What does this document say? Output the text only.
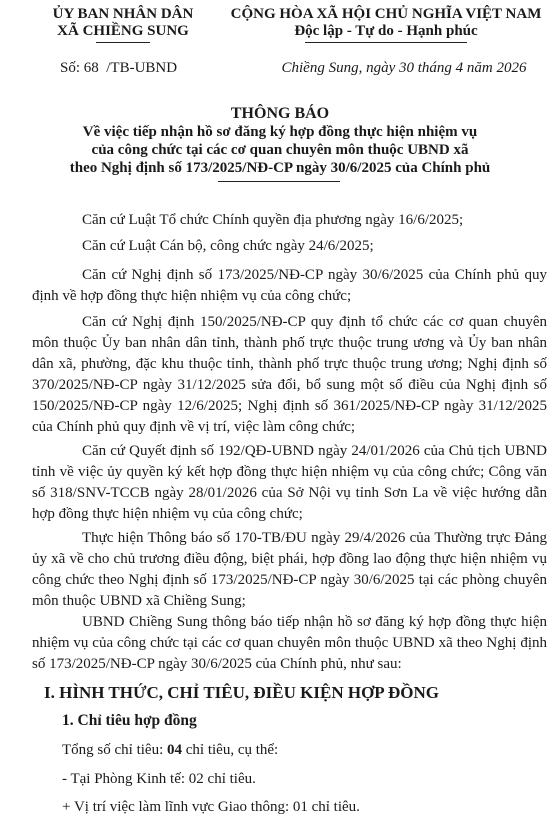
ỦY BAN NHÂN DÂN
XÃ CHIỀNG SUNG
CỘNG HÒA XÃ HỘI CHỦ NGHĨA VIỆT NAM
Độc lập - Tự do - Hạnh phúc
Số: 68  /TB-UBND	Chiềng Sung, ngày 30 tháng 4 năm 2026
THÔNG BÁO
Về việc tiếp nhận hồ sơ đăng ký hợp đồng thực hiện nhiệm vụ
của công chức tại các cơ quan chuyên môn thuộc UBND xã
theo Nghị định số 173/2025/NĐ-CP ngày 30/6/2025 của Chính phủ
Căn cứ Luật Tổ chức Chính quyền địa phương ngày 16/6/2025;
Căn cứ Luật Cán bộ, công chức ngày 24/6/2025;
Căn cứ Nghị định số 173/2025/NĐ-CP ngày 30/6/2025 của Chính phủ quy định về hợp đồng thực hiện nhiệm vụ của công chức;
Căn cứ Nghị định 150/2025/NĐ-CP quy định tổ chức các cơ quan chuyên môn thuộc Ủy ban nhân dân tỉnh, thành phố trực thuộc trung ương và Ủy ban nhân dân xã, phường, đặc khu thuộc tỉnh, thành phố trực thuộc trung ương; Nghị định số 370/2025/NĐ-CP ngày 31/12/2025 sửa đổi, bổ sung một số điều của Nghị định số 150/2025/NĐ-CP ngày 12/6/2025; Nghị định số 361/2025/NĐ-CP ngày 31/12/2025 của Chính phủ quy định về vị trí, việc làm công chức;
Căn cứ Quyết định số 192/QĐ-UBND ngày 24/01/2026 của Chủ tịch UBND tỉnh về việc ủy quyền ký kết hợp đồng thực hiện nhiệm vụ của công chức; Công văn số 318/SNV-TCCB ngày 28/01/2026 của Sở Nội vụ tỉnh Sơn La về việc hướng dẫn hợp đồng thực hiện nhiệm vụ của công chức;
Thực hiện Thông báo số 170-TB/ĐU ngày 29/4/2026 của Thường trực Đảng ủy xã về cho chủ trương điều động, biệt phái, hợp đồng lao động thực hiện nhiệm vụ công chức theo Nghị định số 173/2025/NĐ-CP ngày 30/6/2025 tại các phòng chuyên môn thuộc UBND xã Chiềng Sung;
UBND Chiềng Sung thông báo tiếp nhận hồ sơ đăng ký hợp đồng thực hiện nhiệm vụ của công chức tại các cơ quan chuyên môn thuộc UBND xã theo Nghị định số 173/2025/NĐ-CP ngày 30/6/2025 của Chính phủ, như sau:
I. HÌNH THỨC, CHỈ TIÊU, ĐIỀU KIỆN HỢP ĐỒNG
1. Chỉ tiêu hợp đồng
Tổng số chỉ tiêu: 04 chỉ tiêu, cụ thể:
- Tại Phòng Kinh tế: 02 chỉ tiêu.
+ Vị trí việc làm lĩnh vực Giao thông: 01 chỉ tiêu.
